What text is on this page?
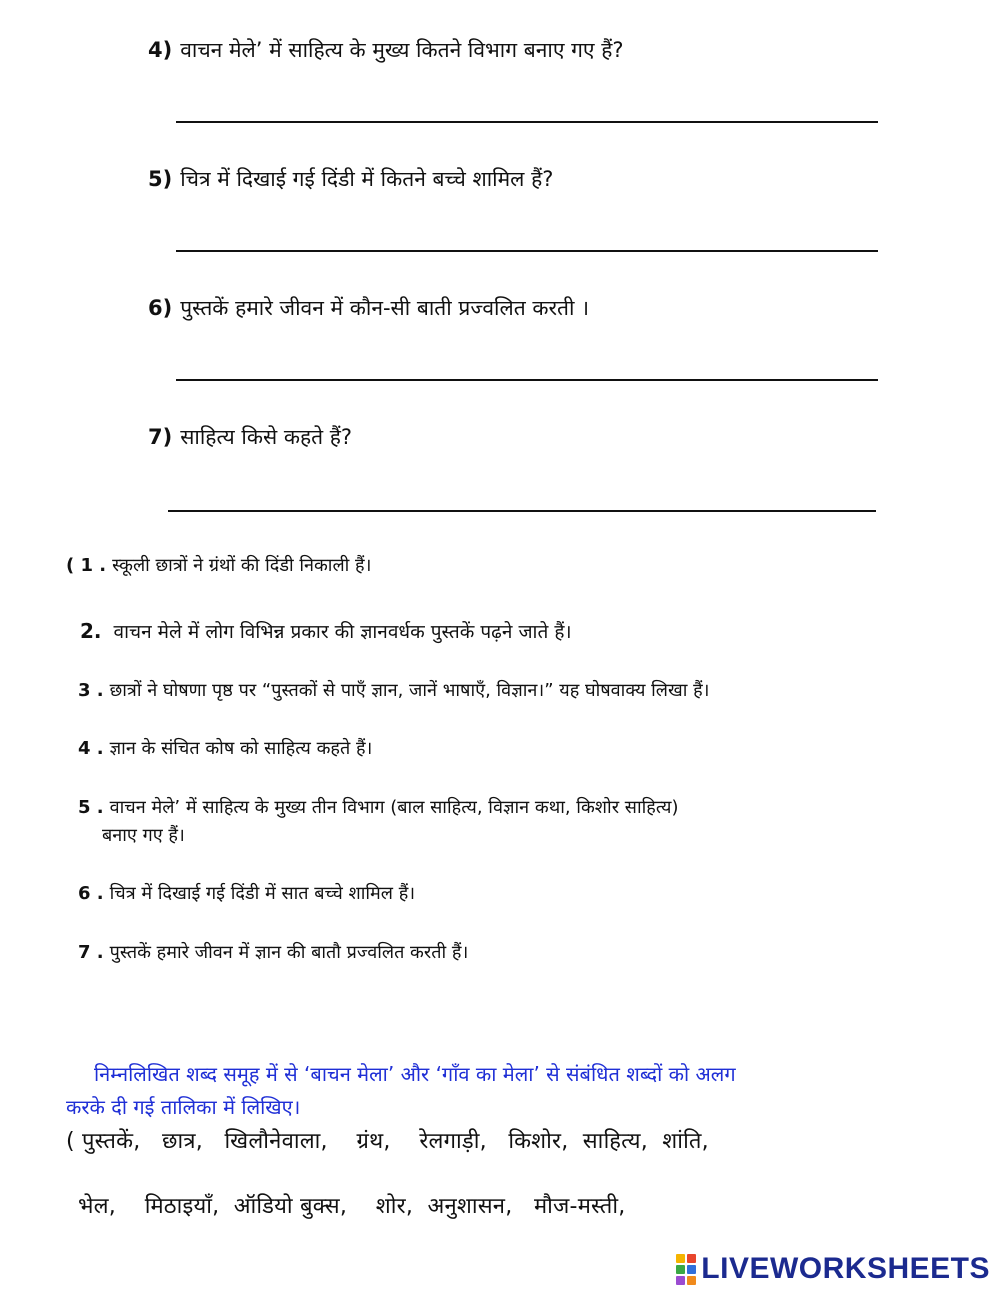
4) वाचन मेले’ में साहित्य के मुख्य कितने विभाग बनाए गए हैं?
5) चित्र में दिखाई गई दिंडी में कितने बच्चे शामिल हैं?
6) पुस्तकें हमारे जीवन में कौन-सी बाती प्रज्वलित करती ।
7) साहित्य किसे कहते हैं?
( 1 . स्कूली छात्रों ने ग्रंथों की दिंडी निकाली हैं।
2. वाचन मेले में लोग विभिन्न प्रकार की ज्ञानवर्धक पुस्तकें पढ़ने जाते हैं।
3 . छात्रों ने घोषणा पृष्ठ पर “पुस्तकों से पाएँ ज्ञान, जानें भाषाएँ, विज्ञान।” यह घोषवाक्य लिखा हैं।
4 . ज्ञान के संचित कोष को साहित्य कहते हैं।
5 . वाचन मेले’ में साहित्य के मुख्य तीन विभाग (बाल साहित्य, विज्ञान कथा, किशोर साहित्य)
बनाए गए हैं।
6 . चित्र में दिखाई गई दिंडी में सात बच्चे शामिल हैं।
7 . पुस्तकें हमारे जीवन में ज्ञान की बातौ प्रज्वलित करती हैं।
निम्नलिखित शब्द समूह में से ‘बाचन मेला’ और ‘गाँव का मेला’ से संबंधित शब्दों को अलग
करके दी गई तालिका में लिखिए।
( पुस्तकें,   छात्र,   खिलौनेवाला,    ग्रंथ,    रेलगाड़ी,   किशोर,  साहित्य,  शांति,
भेल,    मिठाइयाँ,  ऑडियो बुक्स,    शोर,  अनुशासन,   मौज-मस्ती,
LIVEWORKSHEETS
